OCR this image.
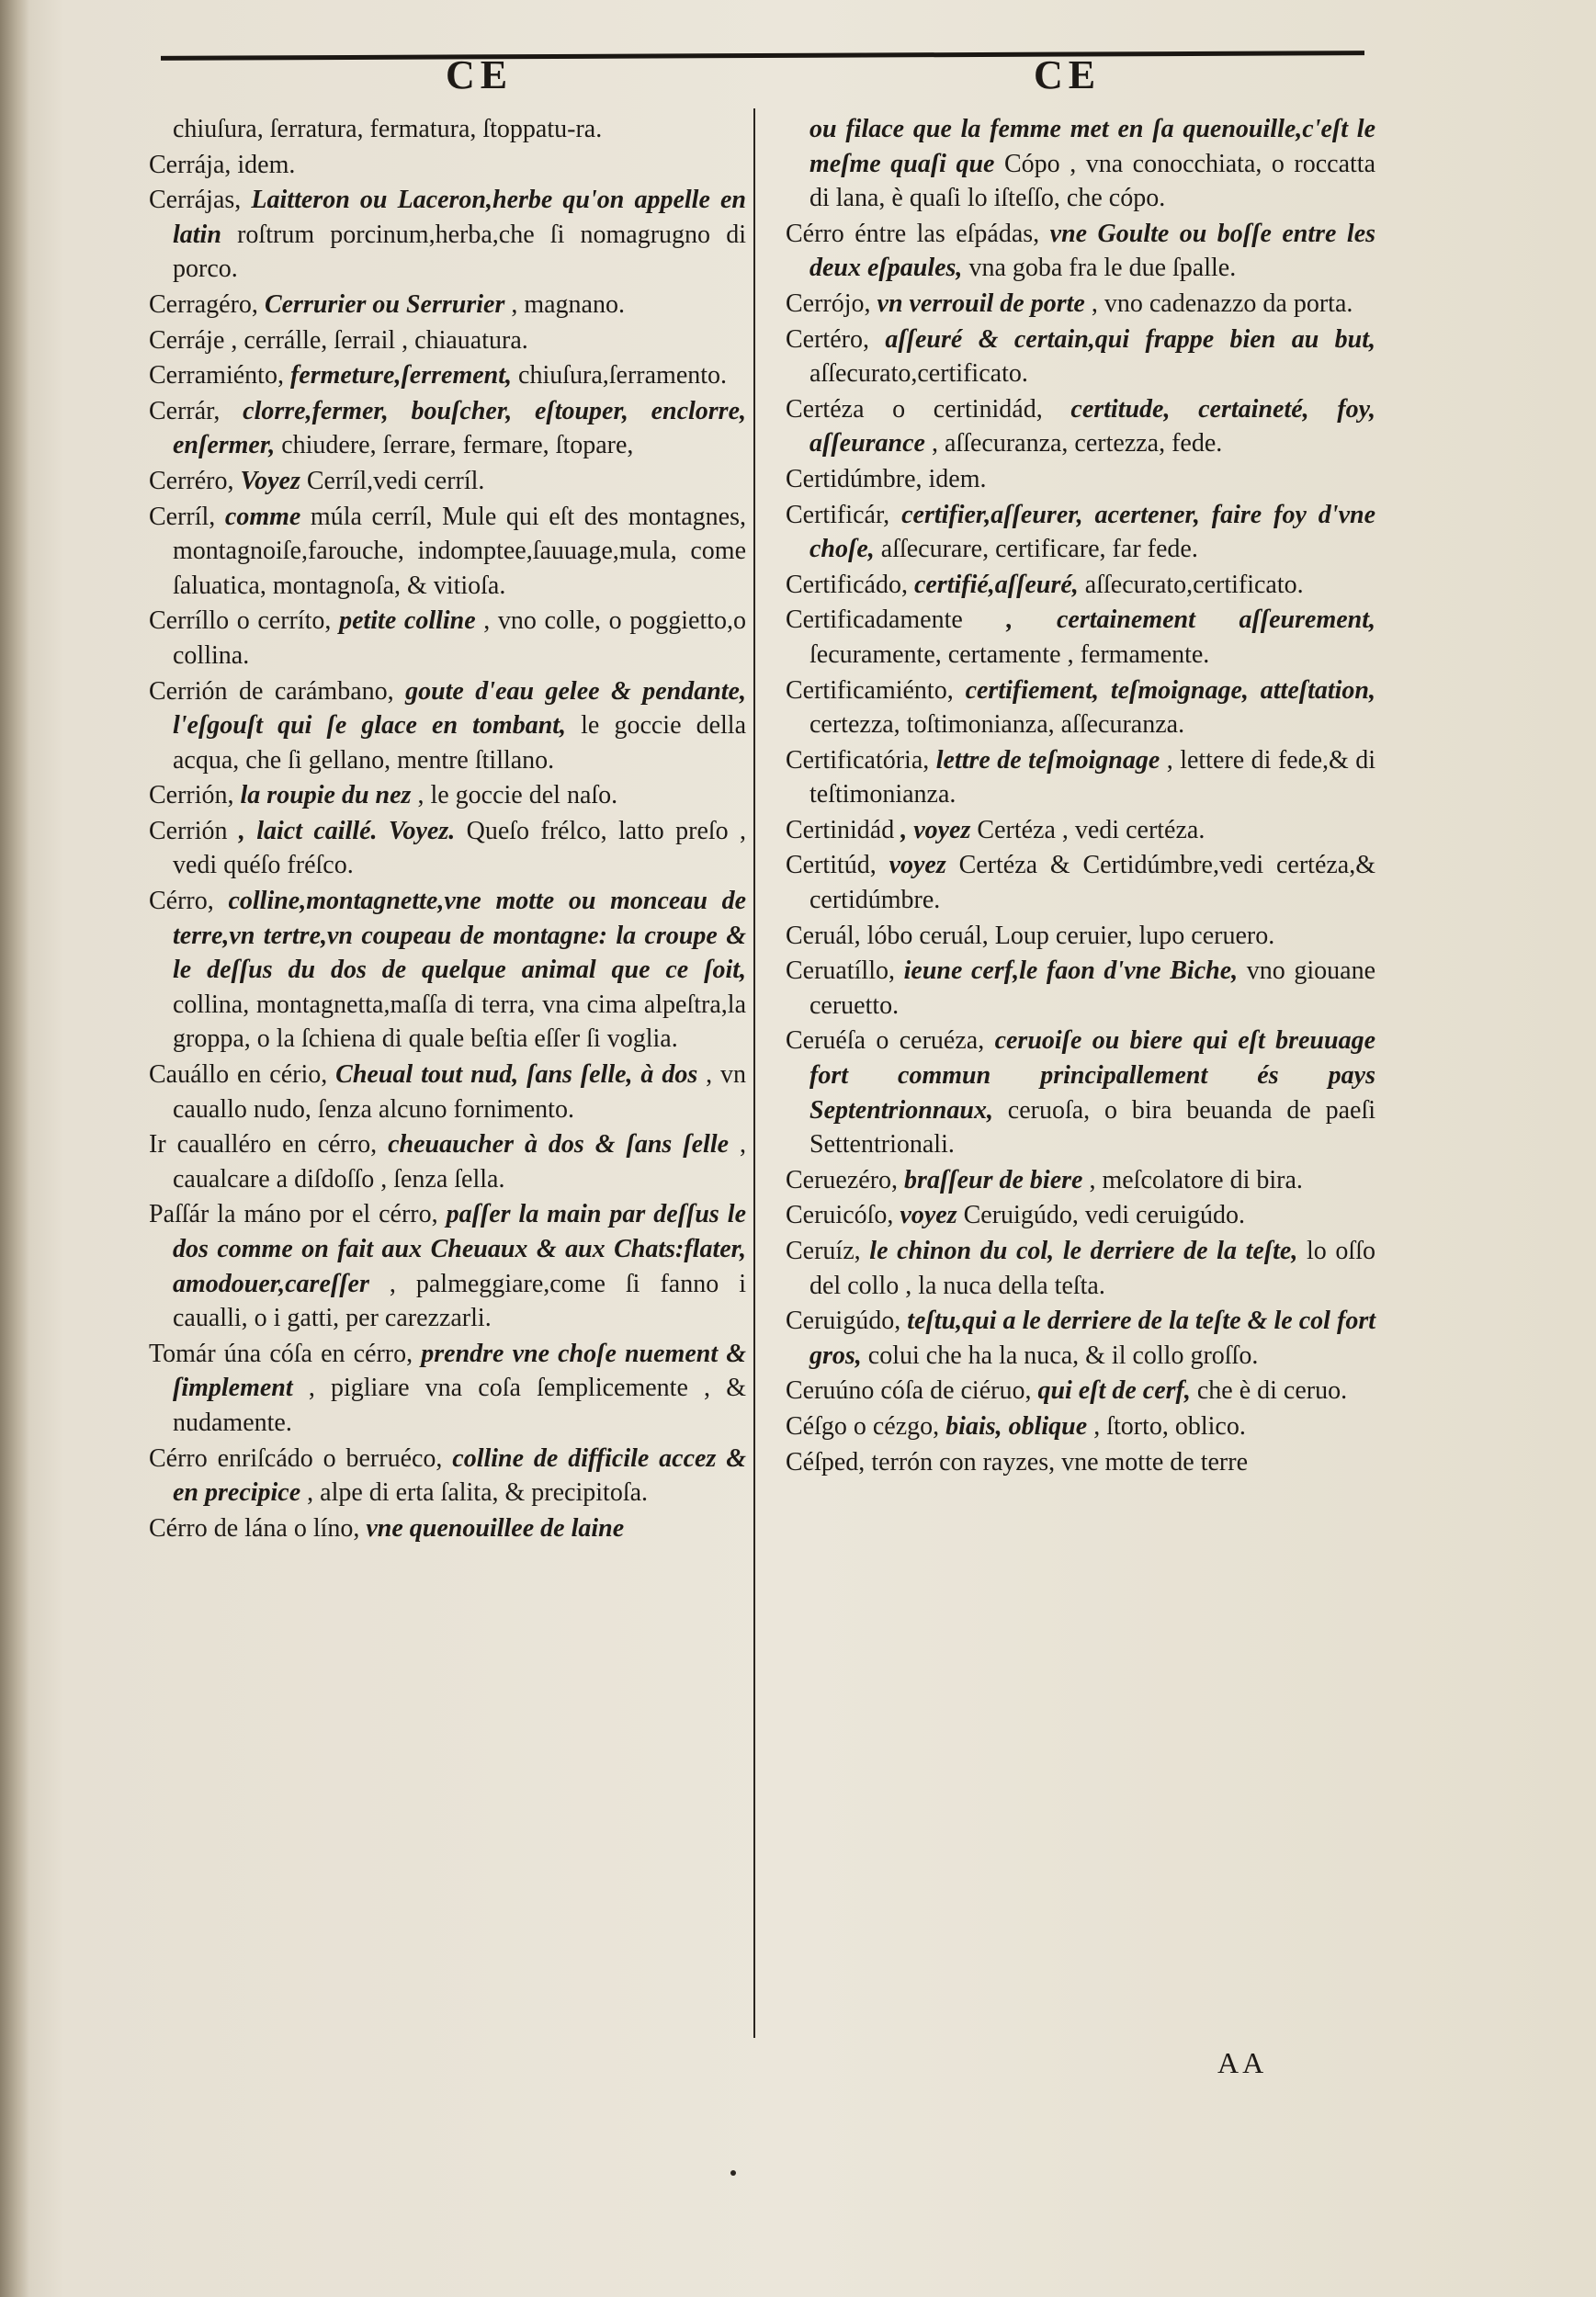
CE	CE

chiuſura, ſerratura, fermatura, ſtoppatu-ra.

Cerrája, idem.

Cerrájas, Laitteron ou Laceron,herbe qu'on appelle en latin roſtrum porcinum,herba,che ſi nomagrugno di porco.

Cerragéro, Cerrurier ou Serrurier , magnano.

Cerráje , cerrálle, ſerrail , chiauatura.

Cerramiénto, fermeture,ſerrement, chiuſura,ſerramento.

Cerrár, clorre,fermer, bouſcher, eſtouper, enclorre, enſermer, chiudere, ſerrare, fermare, ſtopare,

Cerréro, Voyez Cerríl,vedi cerríl.

Cerríl, comme múla cerríl, Mule qui eſt des montagnes, montagnoiſe,farouche, indomptee,ſauuage,mula, come ſaluatica, montagnoſa, & vitioſa.

Cerríllo o cerríto, petite colline , vno colle, o poggietto,o collina.

Cerrión de carámbano, goute d'eau gelee & pendante, l'eſgouſt qui ſe glace en tombant, le goccie della acqua, che ſi gellano, mentre ſtillano.

Cerrión, la roupie du nez , le goccie del naſo.

Cerrión , laict caillé. Voyez. Queſo frélco, latto preſo , vedi quéſo fréſco.

Cérro, colline,montagnette,vne motte ou monceau de terre,vn tertre,vn coupeau de montagne: la croupe & le deſſus du dos de quelque animal que ce ſoit, collina, montagnetta,maſſa di terra, vna cima alpeſtra,la groppa, o la ſchiena di quale beſtia eſſer ſi voglia.

Cauállo en cério, Cheual tout nud, ſans ſelle, à dos , vn cauallo nudo, ſenza alcuno fornimento.

Ir caualléro en cérro, cheuaucher à dos & ſans ſelle , caualcare a diſdoſſo , ſenza ſella.

Paſſár la máno por el cérro, paſſer la main par deſſus le dos comme on fait aux Cheuaux & aux Chats:flater, amodouer,careſſer , palmeggiare,come ſi fanno i caualli, o i gatti, per carezzarli.

Tomár úna cóſa en cérro, prendre vne choſe nuement & ſimplement , pigliare vna coſa ſemplicemente , & nudamente.

Cérro enriſcádo o berruéco, colline de difficile accez & en precipice , alpe di erta ſalita, & precipitoſa.

Cérro de lána o líno, vne quenouillee de laine

ou filace que la femme met en ſa quenouille,c'eſt le meſme quaſi que Cópo , vna conocchiata, o roccatta di lana, è quaſi lo iſteſſo, che cópo.

Cérro éntre las eſpádas, vne Goulte ou boſſe entre les deux eſpaules, vna goba fra le due ſpalle.

Cerrójo, vn verrouil de porte , vno cadenazzo da porta.

Certéro, aſſeuré & certain,qui frappe bien au but, aſſecurato,certificato.

Certéza o certinidád, certitude, certaineté, foy, aſſeurance , aſſecuranza, certezza, fede.

Certidúmbre, idem.

Certificár, certifier,aſſeurer, acertener, faire foy d'vne choſe, aſſecurare, certificare, far fede.

Certificádo, certifié,aſſeuré, aſſecurato,certificato.

Certificadamente , certainement aſſeurement, ſecuramente, certamente , fermamente.

Certificamiénto, certifiement, teſmoignage, atteſtation, certezza, toſtimonianza, aſſecuranza.

Certificatória, lettre de teſmoignage , lettere di fede,& di teſtimonianza.

Certinidád , voyez Certéza , vedi certéza.

Certitúd, voyez Certéza & Certidúmbre,vedi certéza,& certidúmbre.

Ceruál, lóbo ceruál, Loup ceruier, lupo ceruero.

Ceruatíllo, ieune cerf,le faon d'vne Biche, vno giouane ceruetto.

Ceruéſa o ceruéza, ceruoiſe ou biere qui eſt breuuage fort commun principallement és pays Septentrionnaux, ceruoſa, o bira beuanda de paeſi Settentrionali.

Ceruezéro, braſſeur de biere , meſcolatore di bira.

Ceruicóſo, voyez Ceruigúdo, vedi ceruigúdo.

Ceruíz, le chinon du col, le derriere de la teſte, lo oſſo del collo , la nuca della teſta.

Ceruigúdo, teſtu,qui a le derriere de la teſte & le col fort gros, colui che ha la nuca, & il collo groſſo.

Ceruúno cóſa de ciéruo, qui eſt de cerf, che è di ceruo.

Céſgo o cézgo, biais, oblique , ſtorto, oblico.

Céſped, terrón con rayzes, vne motte de terre

AA
